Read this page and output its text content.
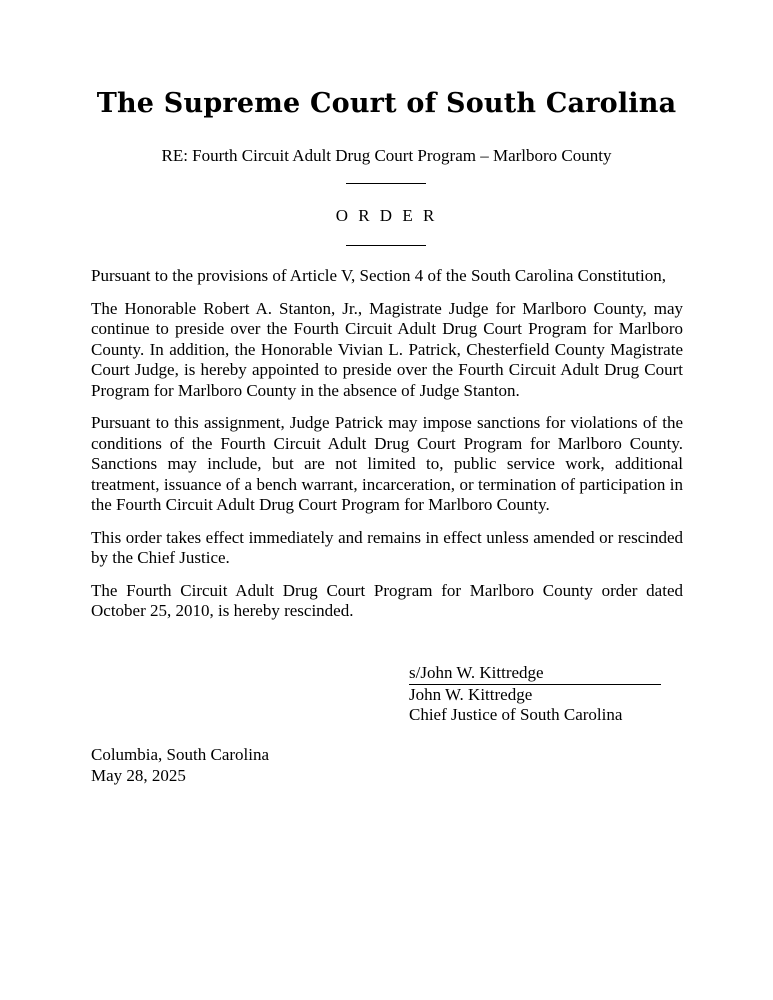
The Supreme Court of South Carolina
RE: Fourth Circuit Adult Drug Court Program – Marlboro County
O R D E R

Pursuant to the provisions of Article V, Section 4 of the South Carolina Constitution,

The Honorable Robert A. Stanton, Jr., Magistrate Judge for Marlboro County, may continue to preside over the Fourth Circuit Adult Drug Court Program for Marlboro County. In addition, the Honorable Vivian L. Patrick, Chesterfield County Magistrate Court Judge, is hereby appointed to preside over the Fourth Circuit Adult Drug Court Program for Marlboro County in the absence of Judge Stanton.

Pursuant to this assignment, Judge Patrick may impose sanctions for violations of the conditions of the Fourth Circuit Adult Drug Court Program for Marlboro County. Sanctions may include, but are not limited to, public service work, additional treatment, issuance of a bench warrant, incarceration, or termination of participation in the Fourth Circuit Adult Drug Court Program for Marlboro County.

This order takes effect immediately and remains in effect unless amended or rescinded by the Chief Justice.

The Fourth Circuit Adult Drug Court Program for Marlboro County order dated October 25, 2010, is hereby rescinded.

s/John W. Kittredge
John W. Kittredge
Chief Justice of South Carolina
Columbia, South Carolina
May 28, 2025
